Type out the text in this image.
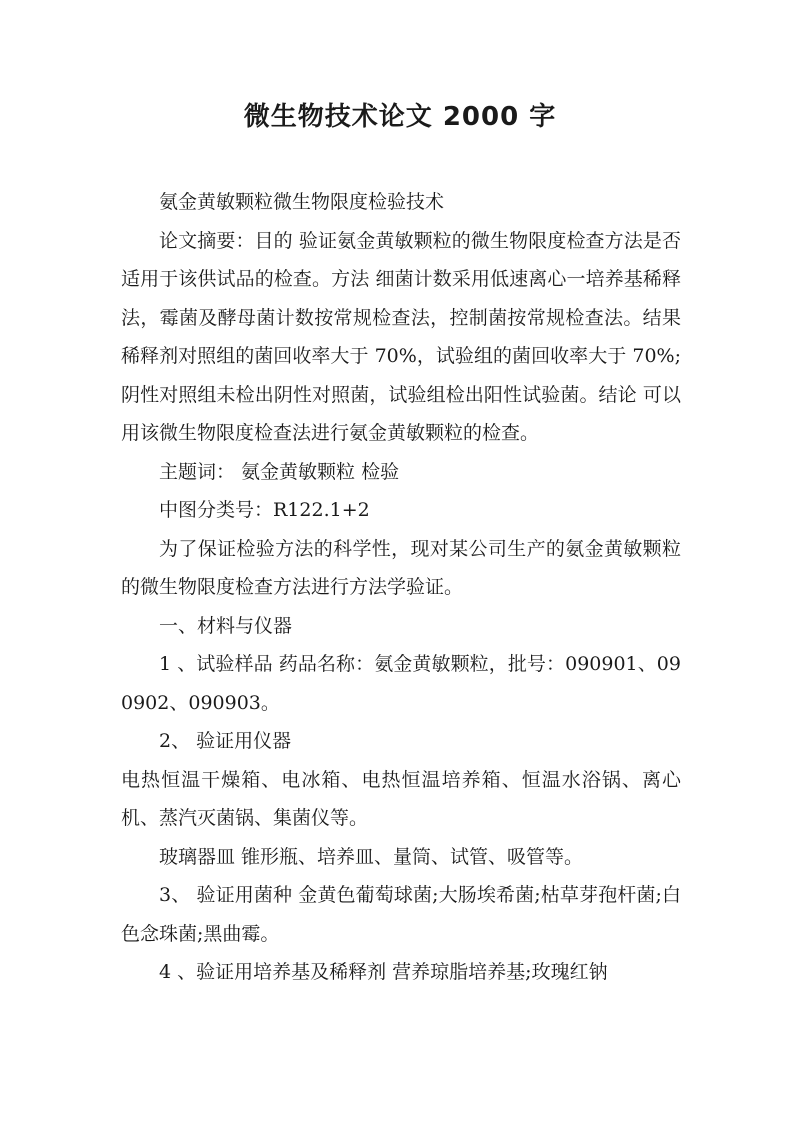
微生物技术论文 2000 字

氨金黄敏颗粒微生物限度检验技术

论文摘要：目的 验证氨金黄敏颗粒的微生物限度检查方法是否适用于该供试品的检查。方法 细菌计数采用低速离心一培养基稀释法，霉菌及酵母菌计数按常规检查法，控制菌按常规检查法。结果 稀释剂对照组的菌回收率大于 70%，试验组的菌回收率大于 70%;阴性对照组未检出阴性对照菌，试验组检出阳性试验菌。结论 可以用该微生物限度检查法进行氨金黄敏颗粒的检查。

主题词： 氨金黄敏颗粒 检验

中图分类号：R122.1+2

为了保证检验方法的科学性，现对某公司生产的氨金黄敏颗粒的微生物限度检查方法进行方法学验证。

一、材料与仪器

1 、试验样品 药品名称：氨金黄敏颗粒，批号：090901、090902、090903。

2、 验证用仪器

电热恒温干燥箱、电冰箱、电热恒温培养箱、恒温水浴锅、离心机、蒸汽灭菌锅、集菌仪等。

玻璃器皿 锥形瓶、培养皿、量筒、试管、吸管等。

3、 验证用菌种 金黄色葡萄球菌;大肠埃希菌;枯草芽孢杆菌;白色念珠菌;黑曲霉。

4 、验证用培养基及稀释剂 营养琼脂培养基;玫瑰红钠
